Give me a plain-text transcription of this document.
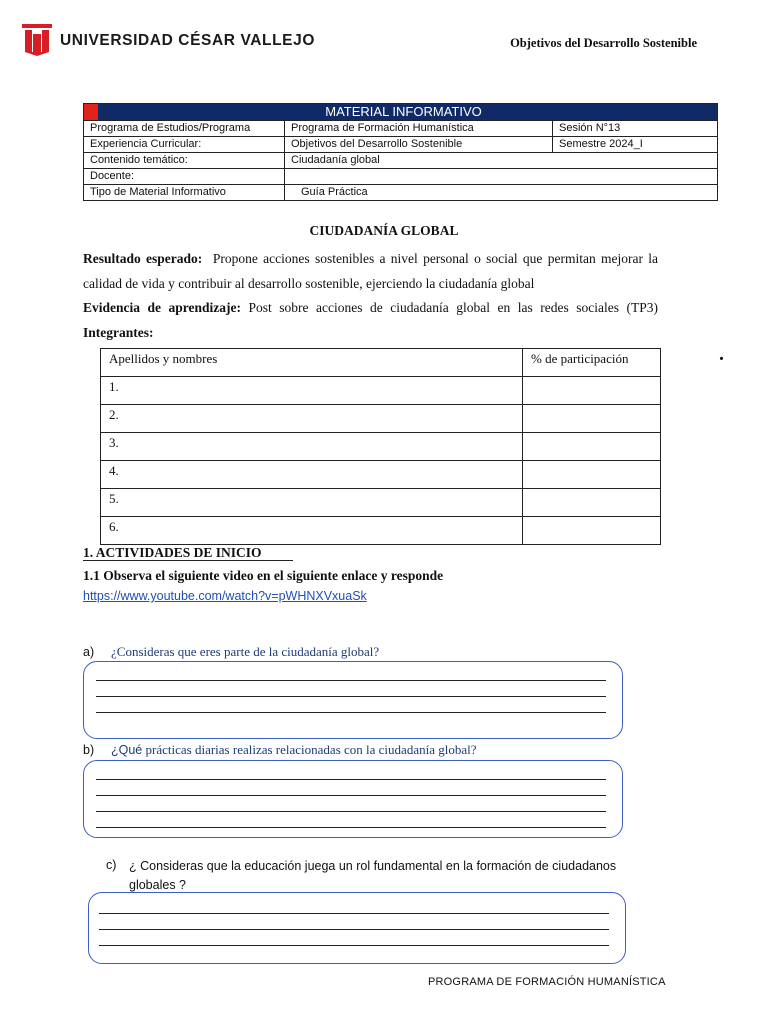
UNIVERSIDAD CÉSAR VALLEJO	Objetivos del Desarrollo Sostenible
MATERIAL INFORMATIVO		
Programa de Estudios/Programa	Programa de Formación Humanística	Sesión N°13
Experiencia Curricular:	Objetivos del Desarrollo Sostenible	Semestre 2024_I
Contenido temático:	Ciudadanía global	
Docente:		
Tipo de Material Informativo	Guía Práctica	
CIUDADANÍA GLOBAL
Resultado esperado: Propone acciones sostenibles a nivel personal o social que permitan mejorar la calidad de vida y contribuir al desarrollo sostenible, ejerciendo la ciudadanía global
Evidencia de aprendizaje: Post sobre acciones de ciudadanía global en las redes sociales (TP3) Integrantes:
Apellidos y nombres	% de participación
1.	
2.	
3.	
4.	
5.	
6.	
.
1. ACTIVIDADES DE INICIO
1.1 Observa el siguiente video en el siguiente enlace y responde
https://www.youtube.com/watch?v=pWHNXVxuaSk
a) ¿Consideras que eres parte de la ciudadanía global?
b) ¿Qué prácticas diarias realizas relacionadas con la ciudadanía global?
c) ¿ Consideras que la educación juega un rol fundamental en la formación de ciudadanos globales ?
PROGRAMA DE FORMACIÓN HUMANÍSTICA
